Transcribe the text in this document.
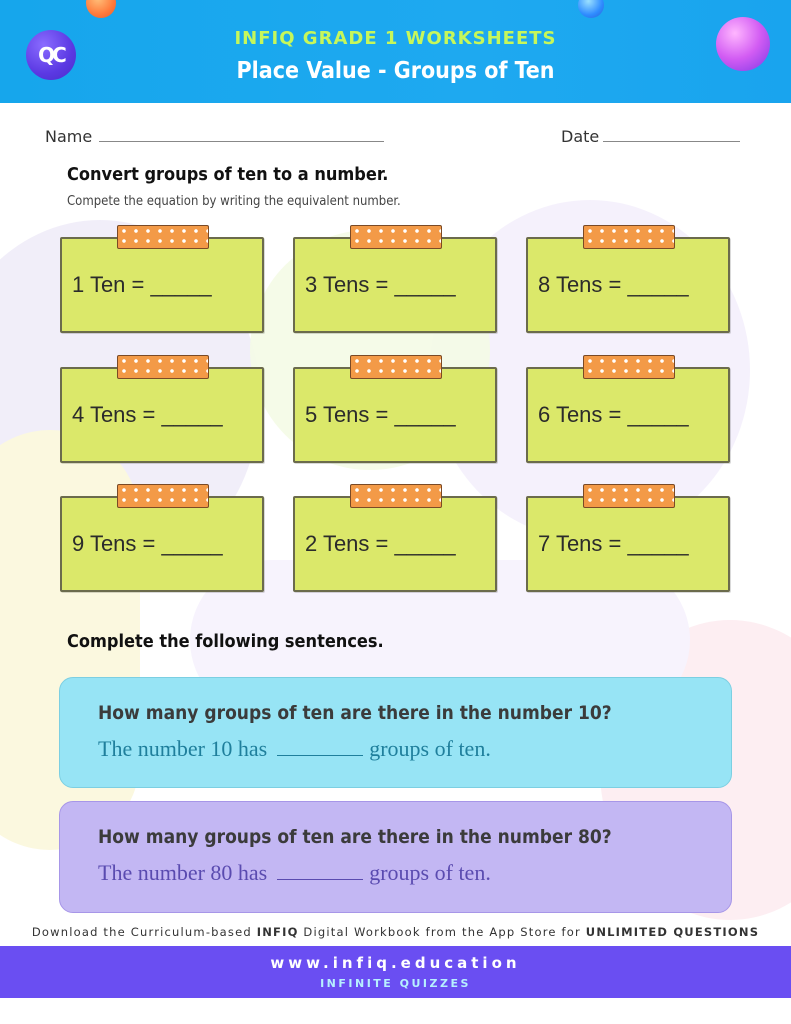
QC
INFIQ GRADE 1 WORKSHEETS
Place Value - Groups of Ten
Name	Date
Convert groups of ten to a number.
Compete the equation by writing the equivalent number.
1 Ten = _____	3 Tens = _____	8 Tens = _____
4 Tens = _____	5 Tens = _____	6 Tens = _____
9 Tens = _____	2 Tens = _____	7 Tens = _____
Complete the following sentences.
How many groups of ten are there in the number 10?
The number 10 has	groups of ten.
How many groups of ten are there in the number 80?
The number 80 has	groups of ten.
Download the Curriculum-based INFIQ Digital Workbook from the App Store for UNLIMITED QUESTIONS
www.infiq.education
INFINITE QUIZZES
